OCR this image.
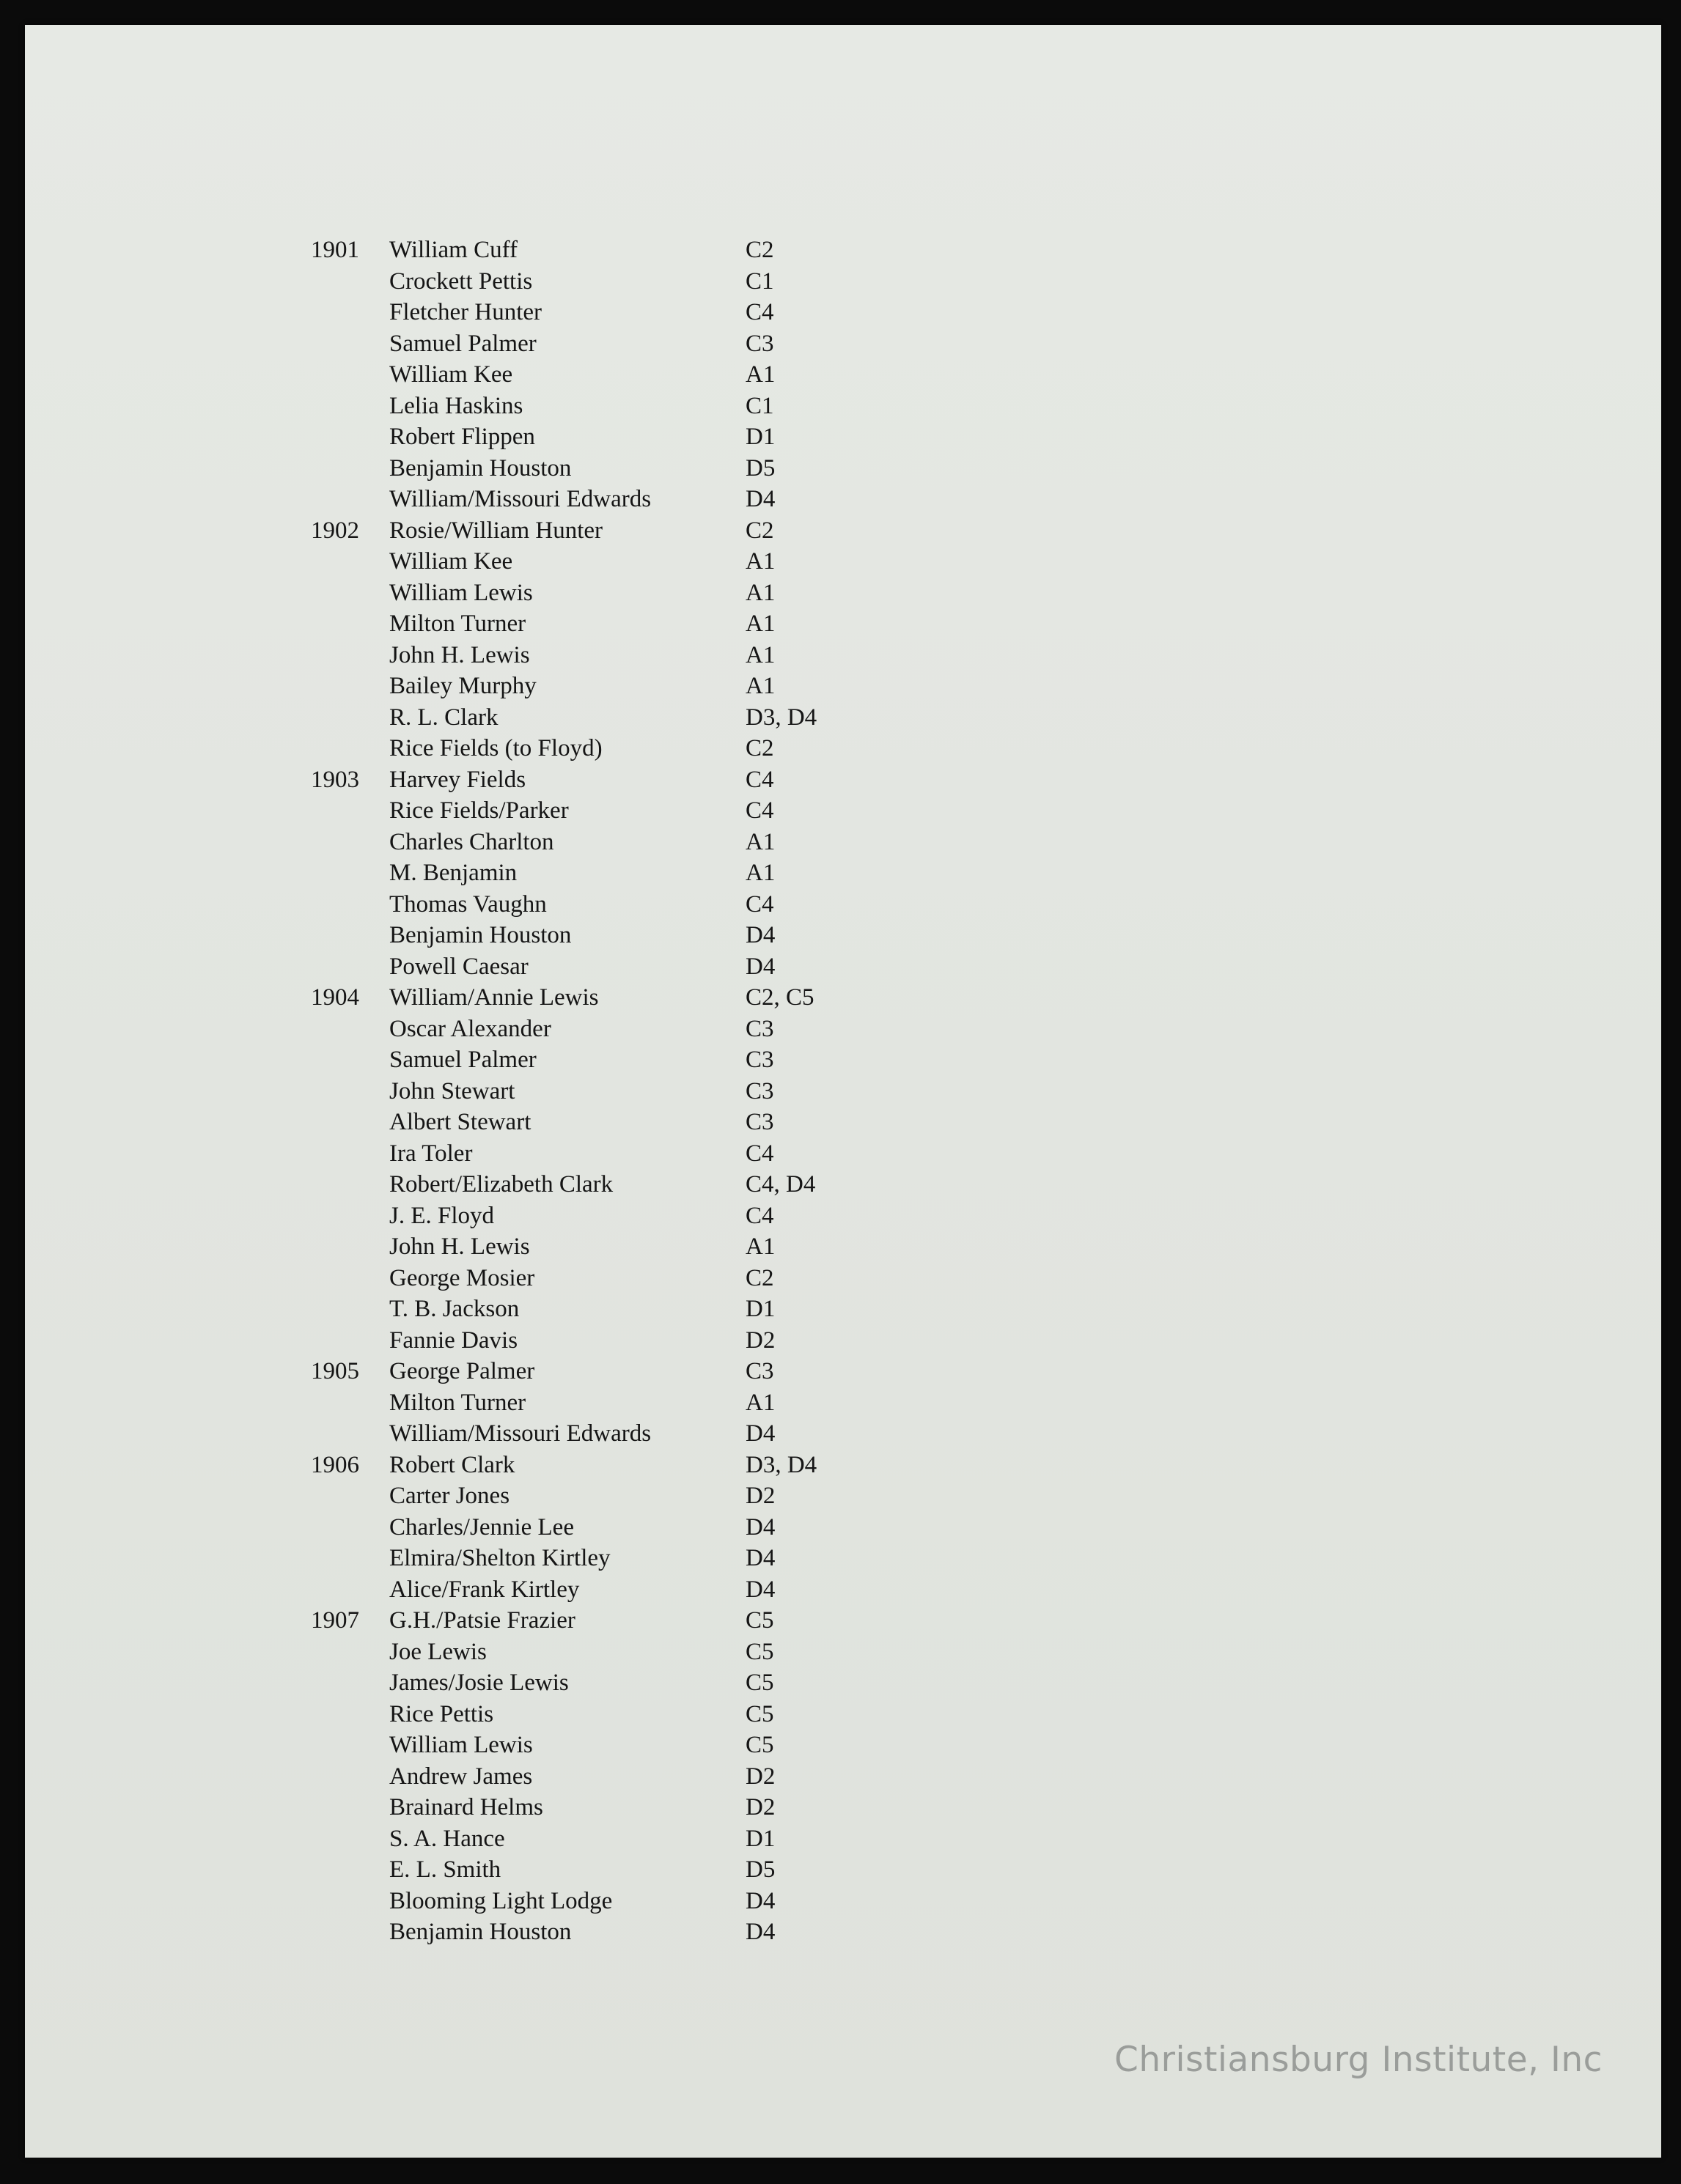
1901	William Cuff	C2
Crockett Pettis	C1
Fletcher Hunter	C4
Samuel Palmer	C3
William Kee	A1
Lelia Haskins	C1
Robert Flippen	D1
Benjamin Houston	D5
William/Missouri Edwards	D4
1902	Rosie/William Hunter	C2
William Kee	A1
William Lewis	A1
Milton Turner	A1
John H. Lewis	A1
Bailey Murphy	A1
R. L. Clark	D3, D4
Rice Fields (to Floyd)	C2
1903	Harvey Fields	C4
Rice Fields/Parker	C4
Charles Charlton	A1
M. Benjamin	A1
Thomas Vaughn	C4
Benjamin Houston	D4
Powell Caesar	D4
1904	William/Annie Lewis	C2, C5
Oscar Alexander	C3
Samuel Palmer	C3
John Stewart	C3
Albert Stewart	C3
Ira Toler	C4
Robert/Elizabeth Clark	C4, D4
J. E. Floyd	C4
John H. Lewis	A1
George Mosier	C2
T. B. Jackson	D1
Fannie Davis	D2
1905	George Palmer	C3
Milton Turner	A1
William/Missouri Edwards	D4
1906	Robert Clark	D3, D4
Carter Jones	D2
Charles/Jennie Lee	D4
Elmira/Shelton Kirtley	D4
Alice/Frank Kirtley	D4
1907	G.H./Patsie Frazier	C5
Joe Lewis	C5
James/Josie Lewis	C5
Rice Pettis	C5
William Lewis	C5
Andrew James	D2
Brainard Helms	D2
S. A. Hance	D1
E. L. Smith	D5
Blooming Light Lodge	D4
Benjamin Houston	D4
Christiansburg Institute, Inc
